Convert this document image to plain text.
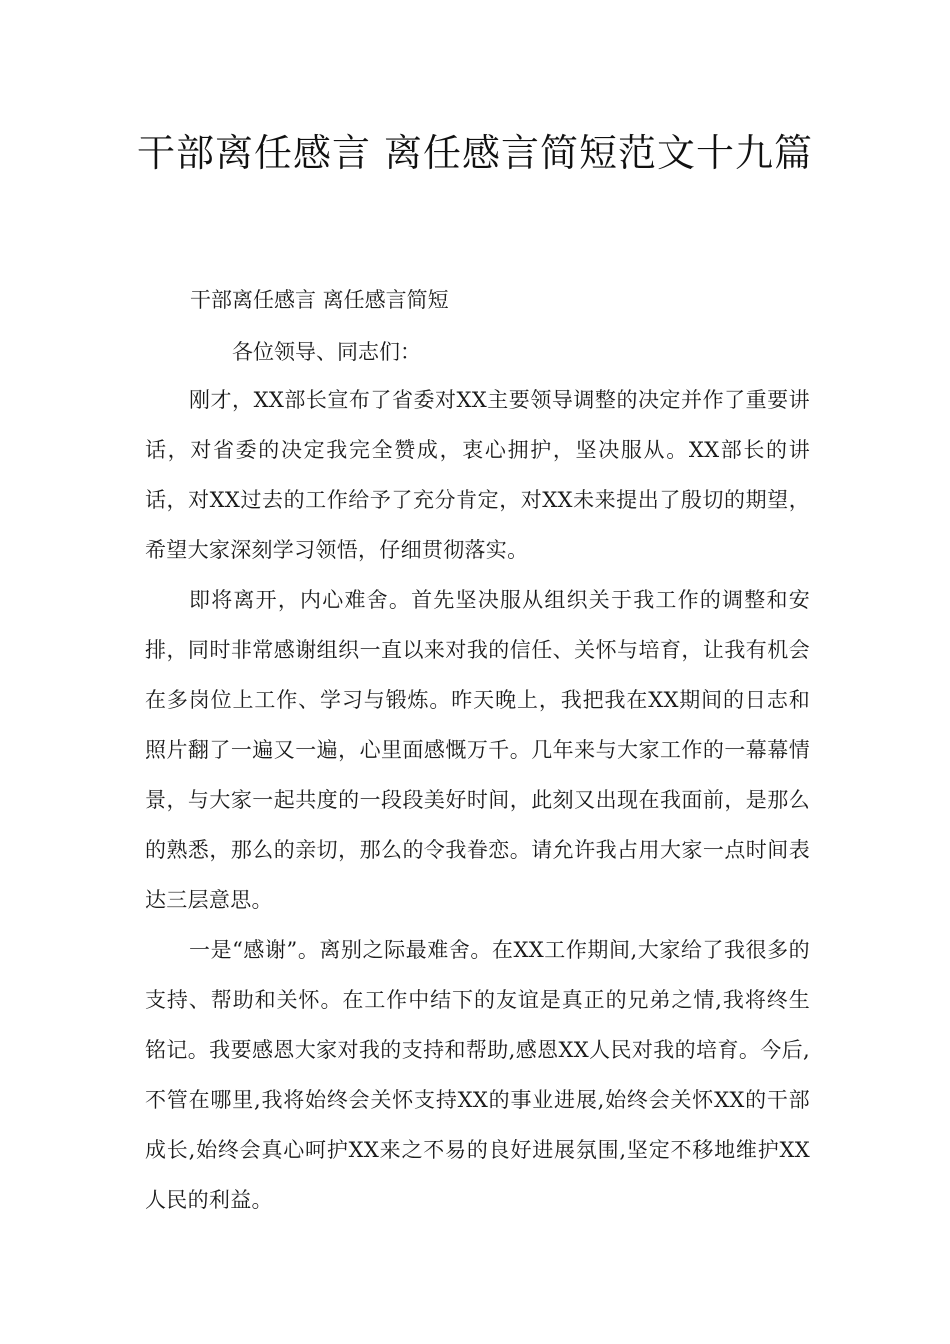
干部离任感言 离任感言简短范文十九篇

干部离任感言 离任感言简短

各位领导、同志们：

刚才，XX部长宣布了省委对XX主要领导调整的决定并作了重要讲话，对省委的决定我完全赞成，衷心拥护，坚决服从。XX部长的讲话，对XX过去的工作给予了充分肯定，对XX未来提出了殷切的期望，希望大家深刻学习领悟，仔细贯彻落实。

即将离开，内心难舍。首先坚决服从组织关于我工作的调整和安排，同时非常感谢组织一直以来对我的信任、关怀与培育，让我有机会在多岗位上工作、学习与锻炼。昨天晚上，我把我在XX期间的日志和照片翻了一遍又一遍，心里面感慨万千。几年来与大家工作的一幕幕情景，与大家一起共度的一段段美好时间，此刻又出现在我面前，是那么的熟悉，那么的亲切，那么的令我眷恋。请允许我占用大家一点时间表达三层意思。

一是“感谢”。离别之际最难舍。在XX工作期间,大家给了我很多的支持、帮助和关怀。在工作中结下的友谊是真正的兄弟之情,我将终生铭记。我要感恩大家对我的支持和帮助,感恩XX人民对我的培育。今后,不管在哪里,我将始终会关怀支持XX的事业进展,始终会关怀XX的干部成长,始终会真心呵护XX来之不易的良好进展氛围,坚定不移地维护XX人民的利益。
